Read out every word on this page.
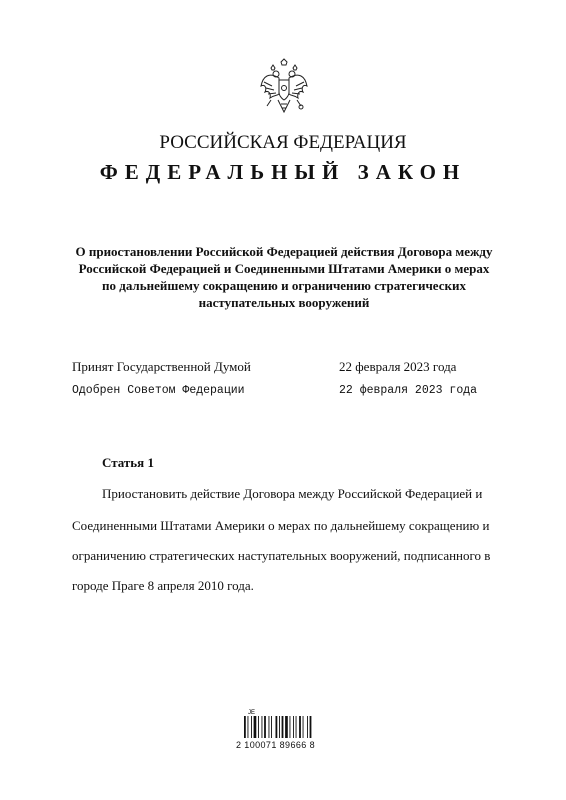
РОССИЙСКАЯ ФЕДЕРАЦИЯ
ФЕДЕРАЛЬНЫЙ ЗАКОН
О приостановлении Российской Федерацией действия Договора между
Российской Федерацией и Соединенными Штатами Америки о мерах
по дальнейшему сокращению и ограничению стратегических
наступательных вооружений
Принят Государственной Думой	22 февраля 2023 года
Одобрен Советом Федерации	22 февраля 2023 года
Статья 1
Приостановить действие Договора между Российской Федерацией и
Соединенными Штатами Америки о мерах по дальнейшему сокращению и
ограничению стратегических наступательных вооружений, подписанного в
городе Праге 8 апреля 2010 года.
JE
2 100071 89666 8
